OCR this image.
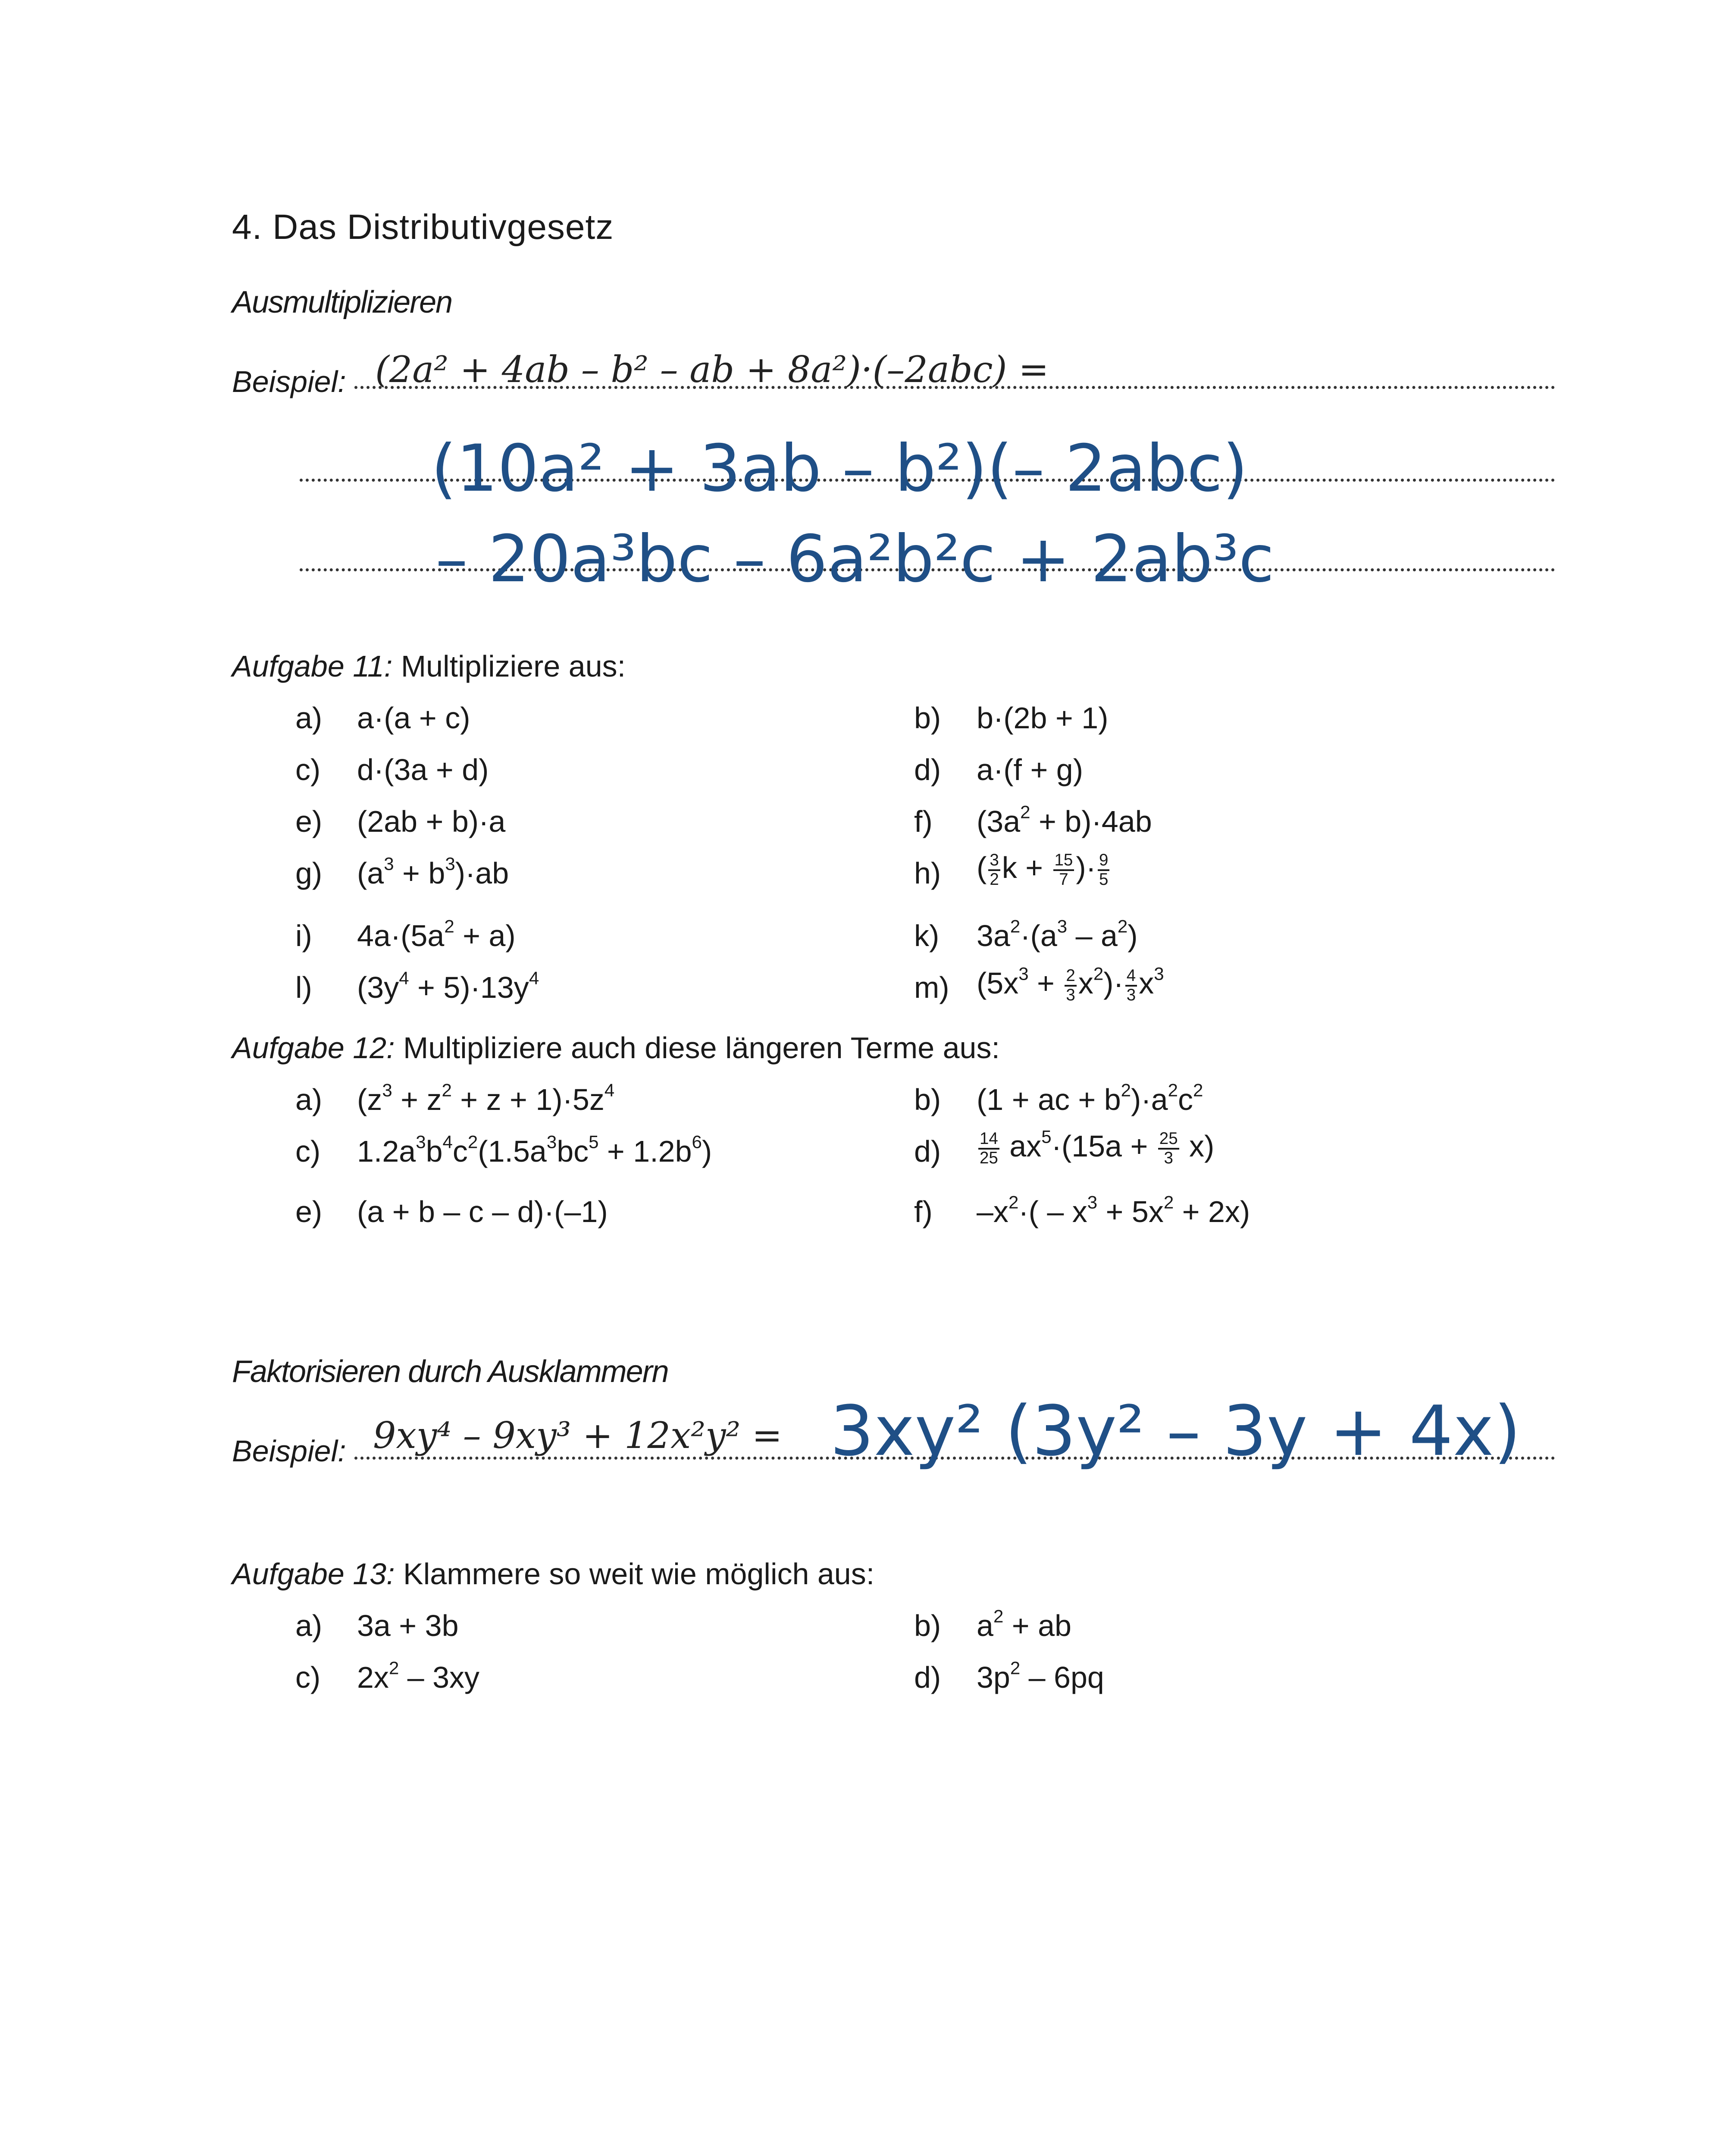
4. Das Distributivgesetz
Ausmultiplizieren
Beispiel: (2a² + 4ab – b² – ab + 8a²)·(–2abc) =
(10a² + 3ab – b²)(– 2abc)
– 20a³bc – 6a²b²c + 2ab³c
Aufgabe 11: Multipliziere aus:
a) a·(a + c)	b) b·(2b + 1)
c) d·(3a + d)	d) a·(f + g)
e) (2ab + b)·a	f) $(3a^2 + b)\cdot 4ab$
g) $(a^3 + b^3)\cdot ab$	h) ( $\frac{3}{2}$ $k + \frac{15}{7}$ )· $\frac{9}{5}$
i) $4a\cdot(5a^2 + a)$	k) $3a^2\cdot(a^3 - a^2)$
l) $(3y^4 + 5)\cdot 13y^4$	m) $(5x^3 + \frac{2}{3} x^2)\cdot \frac{4}{3} x^3$
Aufgabe 12: Multipliziere auch diese längeren Terme aus:
a) $(z^3 + z^2 + z + 1)\cdot 5z^4$	b) (1 + ac + $b^2)\cdot a^2c^2$
c) $1.2a^3b^4c^2(1.5a^3bc^5 + 1.2b^6)$	$d) \frac{14}{25} ax^5\cdot(15a + \frac{25}{3} x)$
e) (a + b – c – d)·(–1)	f) $-x^2\cdot( - x^3 + 5x^2 + 2x)$
Faktorisieren durch Ausklammern
Beispiel: 9xy⁴ – 9xy³ + 12x²y² = 3xy² (3y² – 3y + 4x)
Aufgabe 13: Klammere so weit wie möglich aus:
a) 3a + 3b	b) $a^2$ + ab
c) $2x^2 - 3xy$	d) $3p^2 - 6pq$
